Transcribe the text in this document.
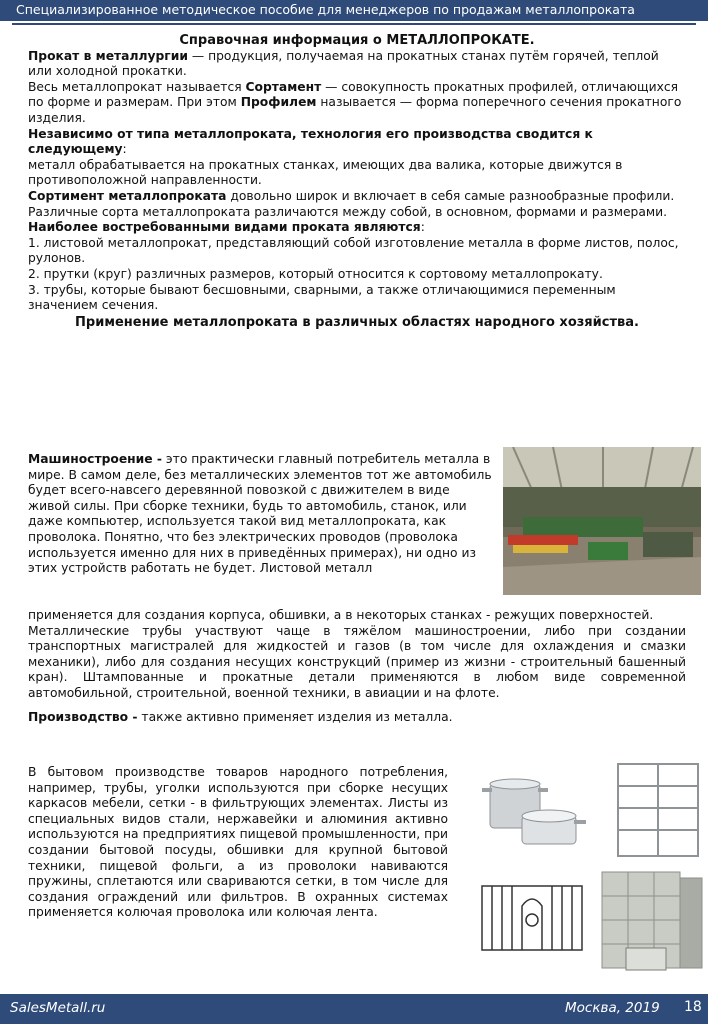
Специализированное методическое пособие для менеджеров по продажам металлопроката

Справочная информация о МЕТАЛЛОПРОКАТЕ.

Прокат в металлургии — продукция, получаемая на прокатных станах путём горячей, теплой или холодной прокатки.

Весь металлопрокат называется Сортамент — совокупность прокатных профилей, отличающихся по форме и размерам. При этом Профилем называется — форма поперечного сечения прокатного изделия.

Независимо от типа металлопроката, технология его производства сводится к следующему:

металл обрабатывается на прокатных станках, имеющих два валика, которые движутся в противоположной направленности.

Сортимент металлопроката довольно широк и включает в себя самые разнообразные профили.

Различные сорта металлопроката различаются между собой, в основном, формами и размерами.

Наиболее востребованными видами проката являются:

1. листовой металлопрокат, представляющий собой изготовление металла в форме листов, полос, рулонов.

2. прутки (круг) различных размеров, который относится к сортовому металлопрокату.

3. трубы, которые бывают бесшовными, сварными, а также отличающимися переменным значением сечения.

Применение металлопроката в различных областях народного хозяйства.

Машиностроение - это практически главный потребитель металла в мире. В самом деле, без металлических элементов тот же автомобиль будет всего-навсего деревянной повозкой с движителем в виде живой силы. При сборке техники, будь то автомобиль, станок, или даже компьютер, используется такой вид металлопроката, как проволока. Понятно, что без электрических проводов (проволока используется именно для них в приведённых примерах), ни одно из этих устройств работать не будет. Листовой металл

применяется для создания корпуса, обшивки, а в некоторых станках - режущих поверхностей.

Металлические трубы участвуют чаще в тяжёлом машиностроении, либо при создании транспортных магистралей для жидкостей и газов (в том числе для охлаждения и смазки механики), либо для создания несущих конструкций (пример из жизни - строительный башенный кран). Штампованные и прокатные детали применяются в любом виде современной автомобильной, строительной, военной техники, в авиации и на флоте.

Производство - также активно применяет изделия из металла.

В бытовом производстве товаров народного потребления, например, трубы, уголки используются при сборке несущих каркасов мебели, сетки - в фильтрующих элементах. Листы из специальных видов стали, нержавейки и алюминия активно используются на предприятиях пищевой промышленности, при создании бытовой посуды, обшивки для крупной бытовой техники, пищевой фольги, а из проволоки навиваются пружины, сплетаются или свариваются сетки, в том числе для создания ограждений или фильтров. В охранных системах применяется колючая проволока или колючая лента.
SalesMetall.ru	Москва, 2019 18
